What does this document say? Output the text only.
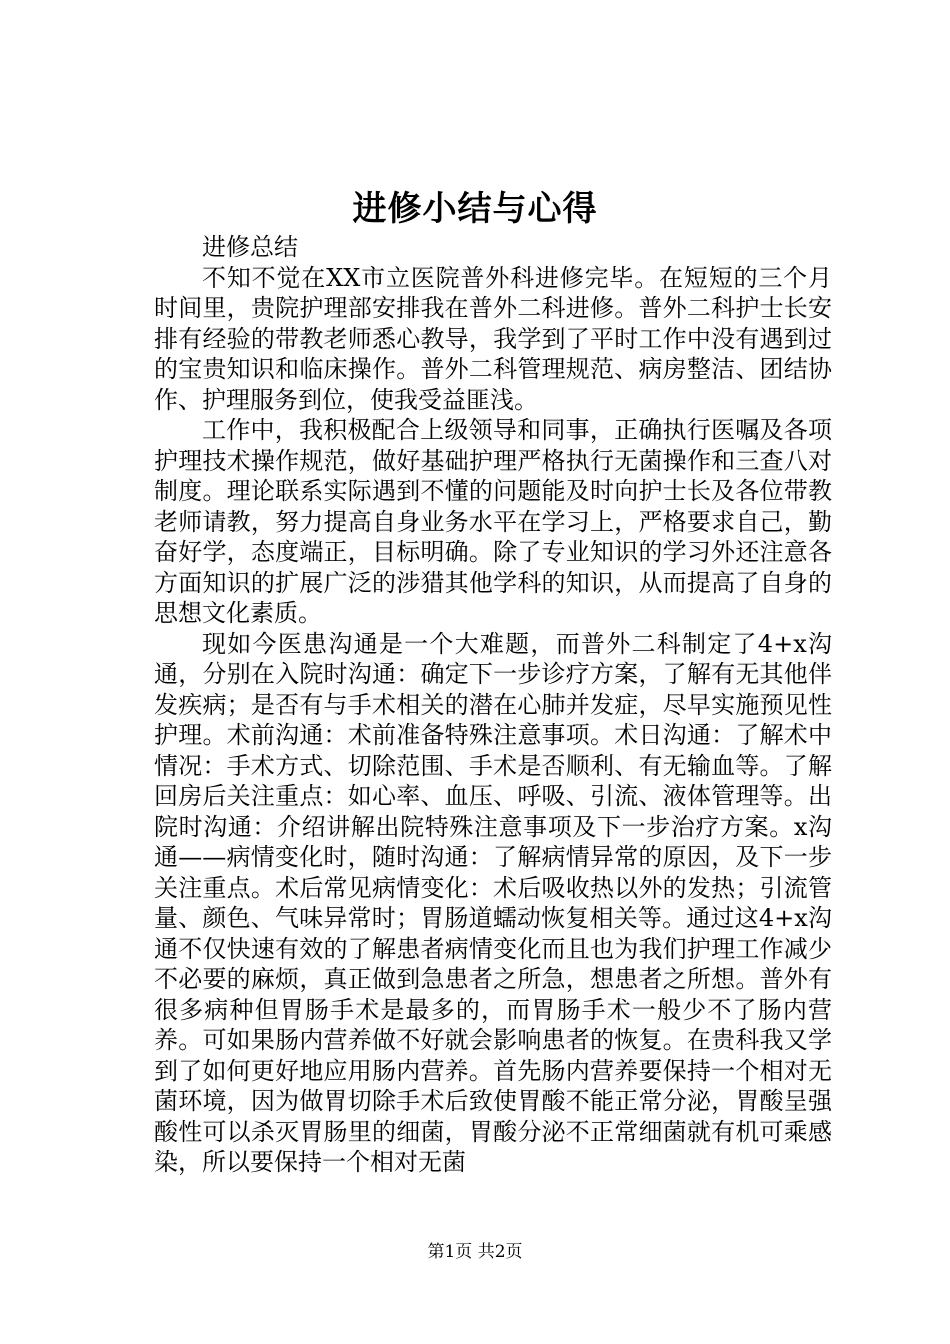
进修小结与心得

进修总结

不知不觉在XX市立医院普外科进修完毕。在短短的三个月时间里，贵院护理部安排我在普外二科进修。普外二科护士长安排有经验的带教老师悉心教导，我学到了平时工作中没有遇到过的宝贵知识和临床操作。普外二科管理规范、病房整洁、团结协作、护理服务到位，使我受益匪浅。

工作中，我积极配合上级领导和同事，正确执行医嘱及各项护理技术操作规范，做好基础护理严格执行无菌操作和三查八对制度。理论联系实际遇到不懂的问题能及时向护士长及各位带教老师请教，努力提高自身业务水平在学习上，严格要求自己，勤奋好学，态度端正，目标明确。除了专业知识的学习外还注意各方面知识的扩展广泛的涉猎其他学科的知识，从而提高了自身的思想文化素质。

现如今医患沟通是一个大难题，而普外二科制定了4+x沟通，分别在入院时沟通：确定下一步诊疗方案，了解有无其他伴发疾病；是否有与手术相关的潜在心肺并发症，尽早实施预见性护理。术前沟通：术前准备特殊注意事项。术日沟通：了解术中情况：手术方式、切除范围、手术是否顺利、有无输血等。了解回房后关注重点：如心率、血压、呼吸、引流、液体管理等。出院时沟通：介绍讲解出院特殊注意事项及下一步治疗方案。x沟通——病情变化时，随时沟通：了解病情异常的原因，及下一步关注重点。术后常见病情变化：术后吸收热以外的发热；引流管量、颜色、气味异常时；胃肠道蠕动恢复相关等。通过这4+x沟通不仅快速有效的了解患者病情变化而且也为我们护理工作减少不必要的麻烦，真正做到急患者之所急，想患者之所想。普外有很多病种但胃肠手术是最多的，而胃肠手术一般少不了肠内营养。可如果肠内营养做不好就会影响患者的恢复。在贵科我又学到了如何更好地应用肠内营养。首先肠内营养要保持一个相对无菌环境，因为做胃切除手术后致使胃酸不能正常分泌，胃酸呈强酸性可以杀灭胃肠里的细菌，胃酸分泌不正常细菌就有机可乘感染，所以要保持一个相对无菌

第1页 共2页
